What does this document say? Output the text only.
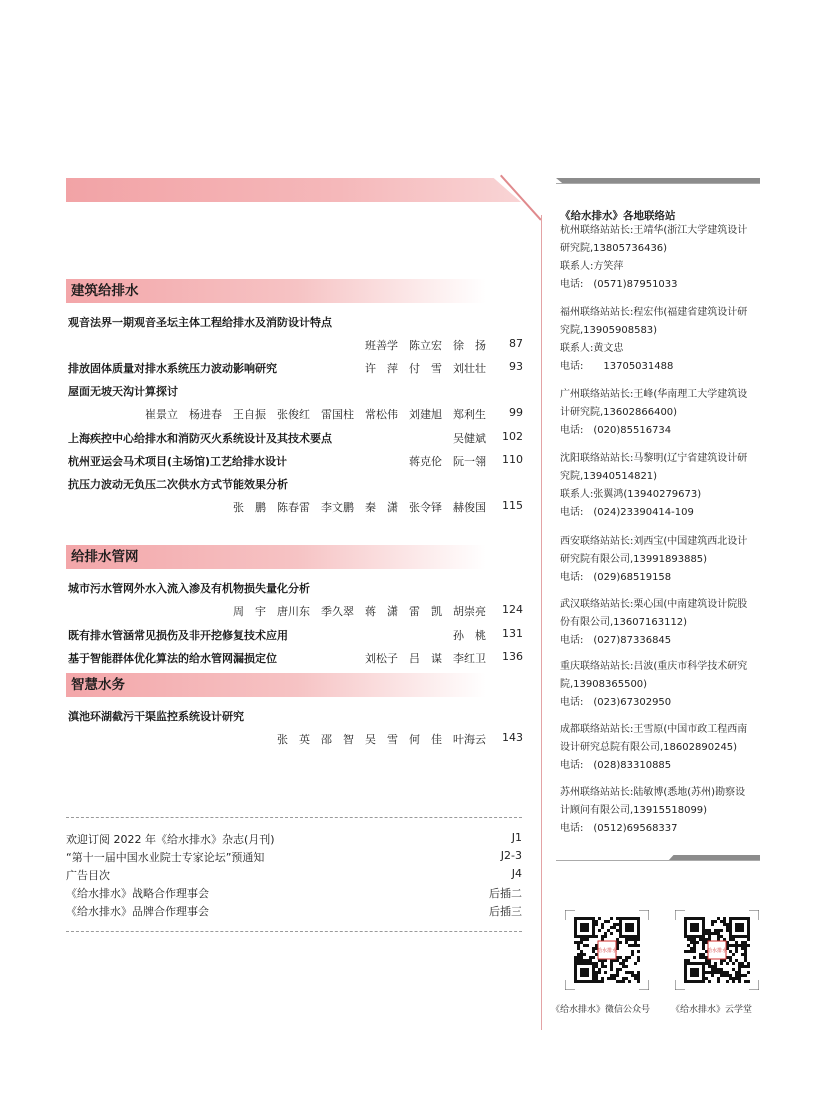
建筑给排水
观音法界一期观音圣坛主体工程给排水及消防设计特点
班善学　陈立宏　徐　扬	87
排放固体质量对排水系统压力波动影响研究	许　萍　付　雪　刘壮壮	93
屋面无坡天沟计算探讨
崔景立　杨进春　王自振　张俊红　雷国柱　常松伟　刘建旭　郑利生	99
上海疾控中心给排水和消防灭火系统设计及其技术要点	吴健斌	102
杭州亚运会马术项目(主场馆)工艺给排水设计	蒋克伦　阮一翎	110
抗压力波动无负压二次供水方式节能效果分析
张　鹏　陈春雷　李文鹏　秦　潇　张令铎　赫俊国	115
给排水管网
城市污水管网外水入流入渗及有机物损失量化分析
周　宇　唐川东　季久翠　蒋　潇　雷　凯　胡崇亮	124
既有排水管涵常见损伤及非开挖修复技术应用	孙　桃	131
基于智能群体优化算法的给水管网漏损定位	刘松子　吕　谋　李红卫	136
智慧水务
滇池环湖截污干渠监控系统设计研究
张　英　邵　智　吴　雪　何　佳　叶海云	143
欢迎订阅 2022 年《给水排水》杂志(月刊)	J1
“第十一届中国水业院士专家论坛”预通知	J2-3
广告目次	J4
《给水排水》战略合作理事会	后插二
《给水排水》品牌合作理事会	后插三
《给水排水》各地联络站
杭州联络站站长:王靖华(浙江大学建筑设计
研究院,13805736436)
联系人:方笑萍
电话:　(0571)87951033
福州联络站站长:程宏伟(福建省建筑设计研
究院,13905908583)
联系人:黄文忠
电话:　　13705031488
广州联络站站长:王峰(华南理工大学建筑设
计研究院,13602866400)
电话:　(020)85516734
沈阳联络站站长:马黎明(辽宁省建筑设计研
究院,13940514821)
联系人:张翼鸿(13940279673)
电话:　(024)23390414-109
西安联络站站长:刘西宝(中国建筑西北设计
研究院有限公司,13991893885)
电话:　(029)68519158
武汉联络站站长:栗心国(中南建筑设计院股
份有限公司,13607163112)
电话:　(027)87336845
重庆联络站站长:吕波(重庆市科学技术研究
院,13908365500)
电话:　(023)67302950
成都联络站站长:王雪原(中国市政工程西南
设计研究总院有限公司,18602890245)
电话:　(028)83310885
苏州联络站站长:陆敏博(悉地(苏州)勘察设
计顾问有限公司,13915518099)
电话:　(0512)69568337
给水排水	给水排水
《给水排水》微信公众号 《给水排水》云学堂
